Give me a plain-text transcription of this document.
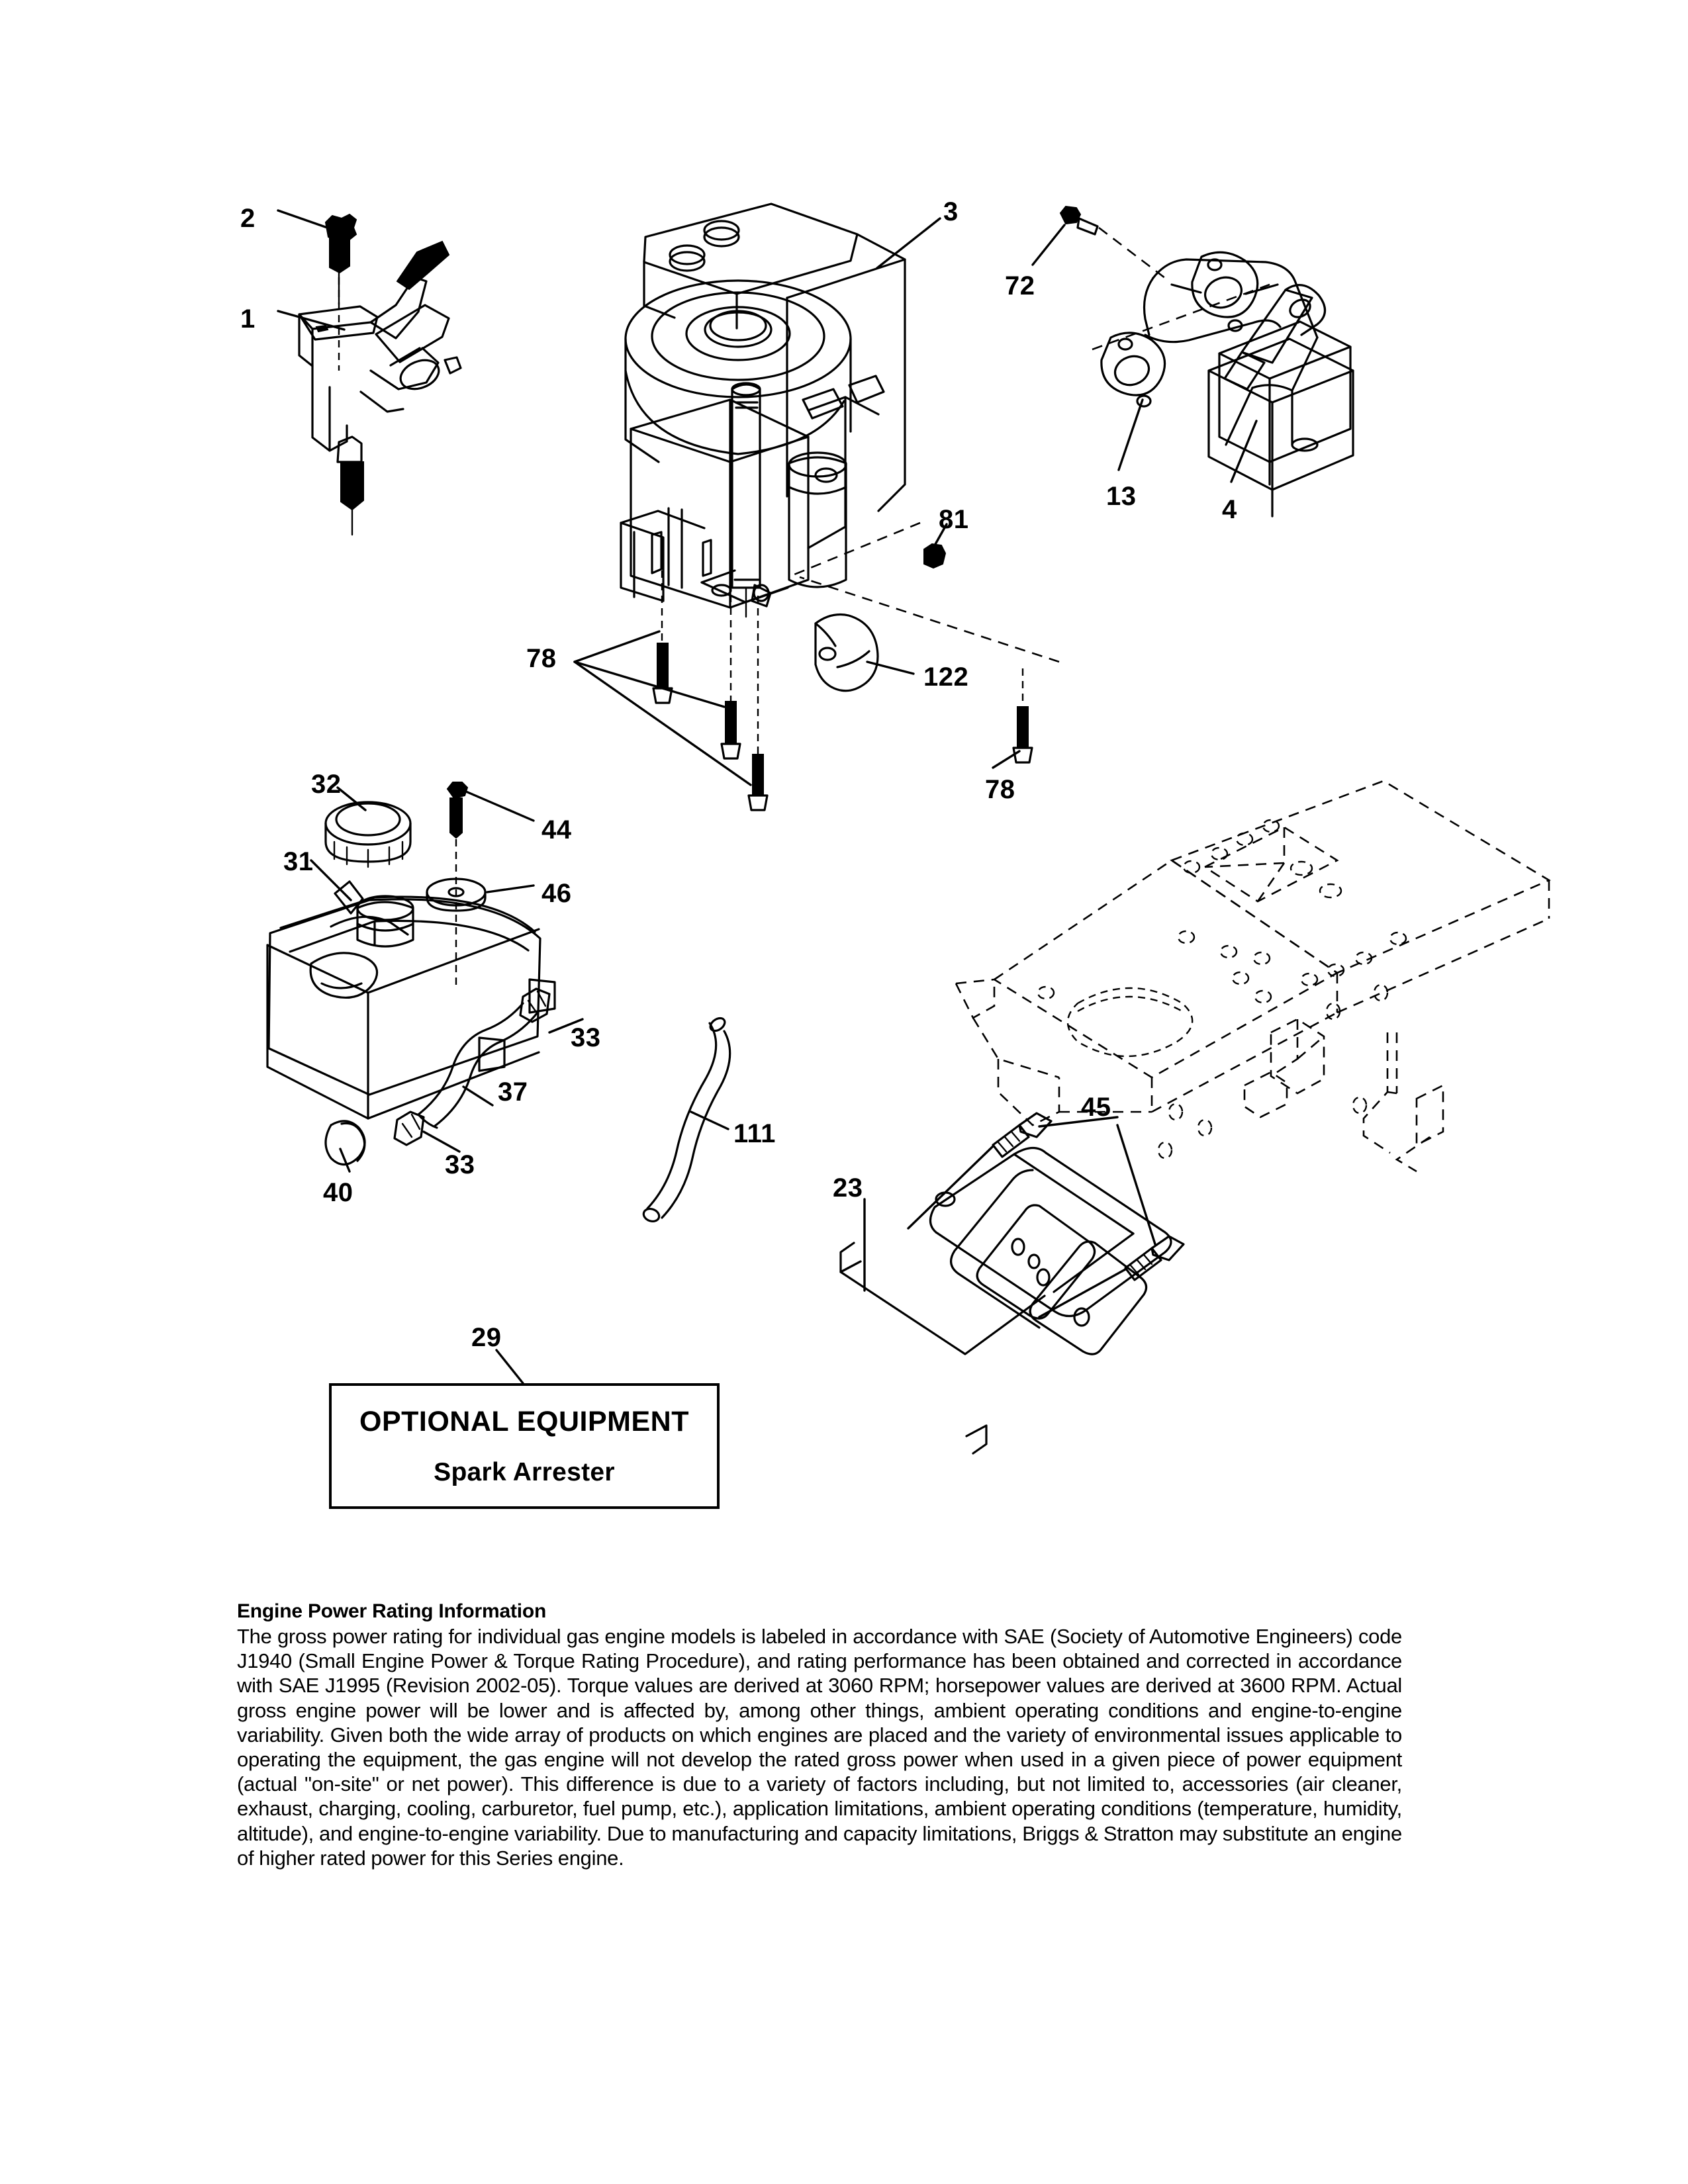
2
1
3
72
13	4
81
78
122
78
32
44
31
46
33
37
111
33
40
45
23
29
OPTIONAL EQUIPMENT
Spark Arrester
Engine Power Rating Information

The gross power rating for individual gas engine models is labeled in accordance with SAE (Society of Automotive Engineers) code J1940 (Small Engine Power & Torque Rating Procedure), and rating performance has been obtained and corrected in accordance with SAE J1995 (Revision 2002-05). Torque values are derived at 3060 RPM; horsepower values are derived at 3600 RPM. Actual gross engine power will be lower and is affected by, among other things, ambient operating conditions and engine-to-engine variability. Given both the wide array of products on which engines are placed and the variety of environmental issues applicable to operating the equipment, the gas engine will not develop the rated gross power when used in a given piece of power equipment (actual "on-site" or net power). This difference is due to a variety of factors including, but not limited to, accessories (air cleaner, exhaust, charging, cooling, carburetor, fuel pump, etc.), application limitations, ambient operating conditions (temperature, humidity, altitude), and engine-to-engine variability. Due to manufacturing and capacity limitations, Briggs & Stratton may substitute an engine of higher rated power for this Series engine.
